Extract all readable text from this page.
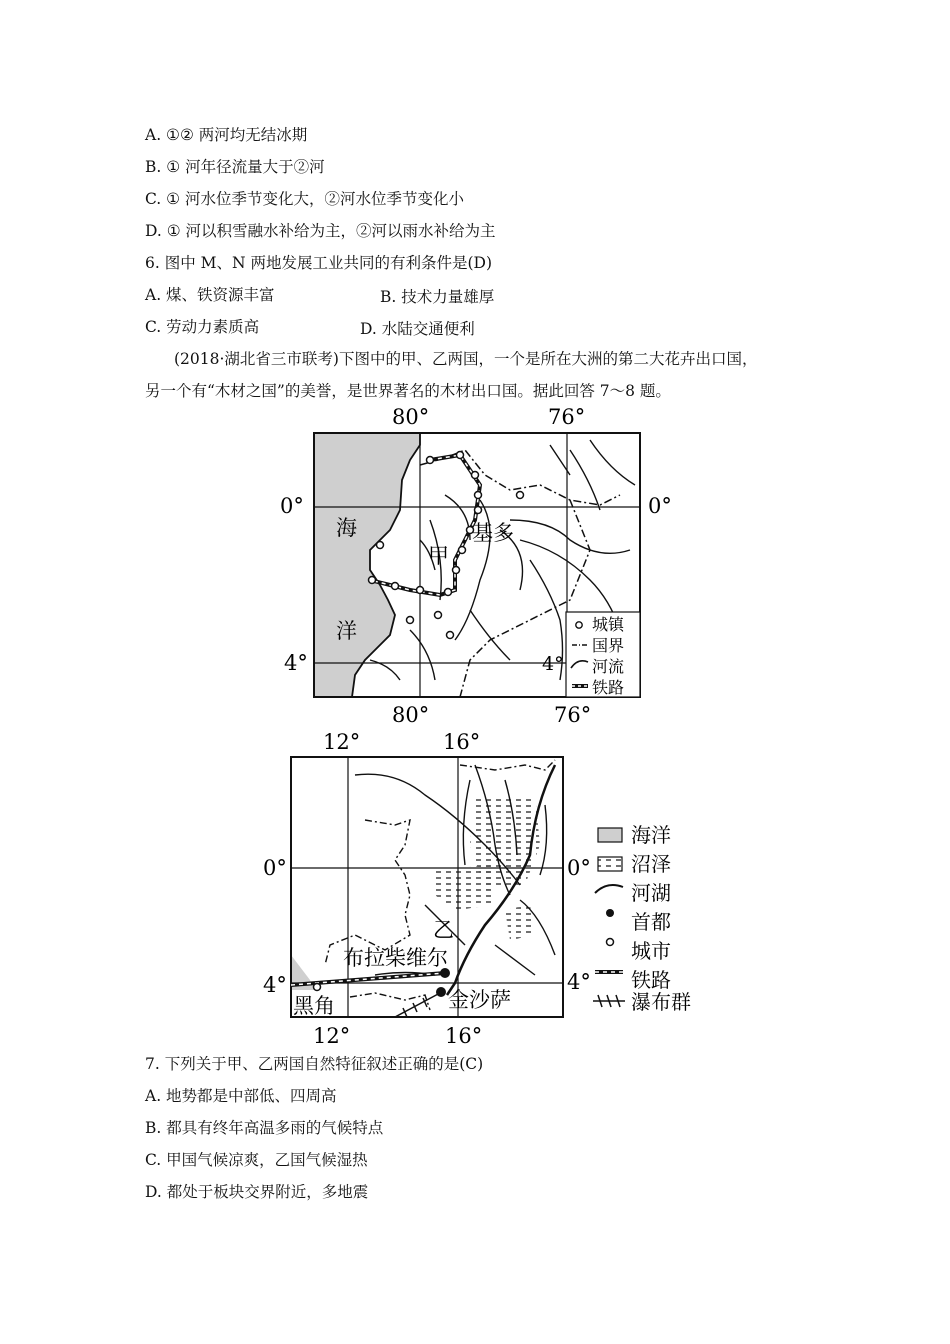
A. ①② 两河均无结冰期
B. ① 河年径流量大于②河
C. ① 河水位季节变化大，②河水位季节变化小
D. ① 河以积雪融水补给为主，②河以雨水补给为主
6. 图中 M、N 两地发展工业共同的有利条件是(D)
A. 煤、铁资源丰富	B. 技术力量雄厚
C. 劳动力素质高	D. 水陆交通便利
(2018·湖北省三市联考)下图中的甲、乙两国，一个是所在大洲的第二大花卉出口国，
另一个有“木材之国”的美誉，是世界著名的木材出口国。据此回答 7～8 题。
80°	76°
80°	76°
0°	0°
4°	4°
海
洋
甲
基多
城镇
国界
河流
铁路
12°	16°
12°	16°
0°	0°
4°	4°
乙
布拉柴维尔
金沙萨
黑角
海洋
沼泽
河湖
首都
城市
铁路
瀑布群
7. 下列关于甲、乙两国自然特征叙述正确的是(C)
A. 地势都是中部低、四周高
B. 都具有终年高温多雨的气候特点
C. 甲国气候凉爽，乙国气候湿热
D. 都处于板块交界附近，多地震
